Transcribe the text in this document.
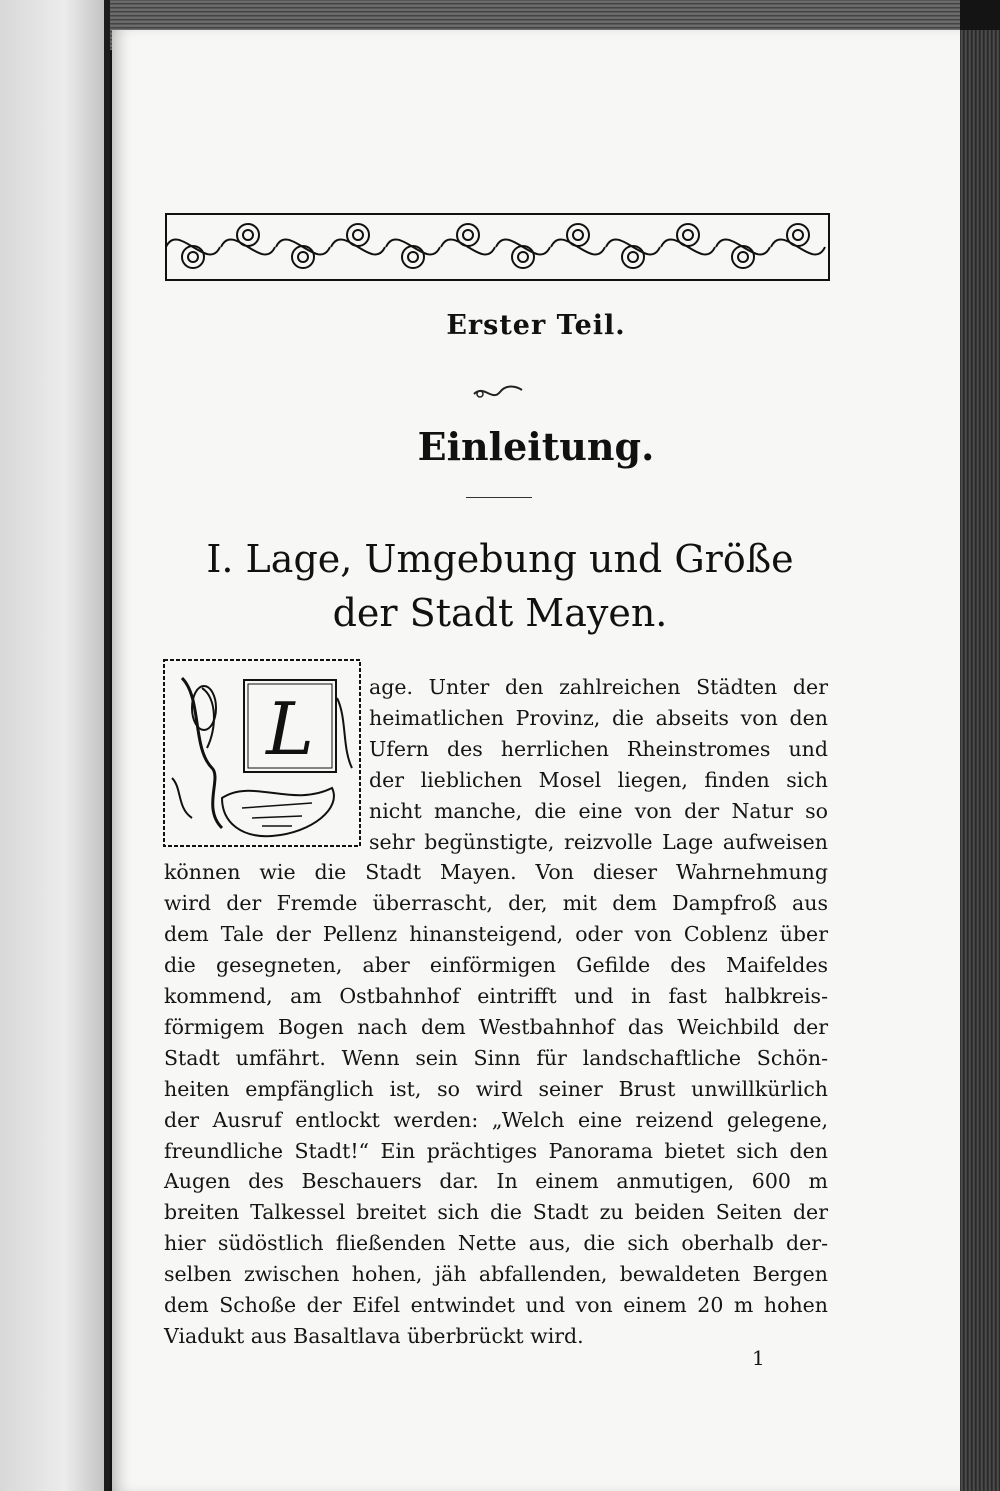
Erster Teil.
Einleitung.
I. Lage, Umgebung und Größe
der Stadt Mayen.
L	age. Unter den zahlreichen Städten der
heimatlichen Provinz, die abseits von den
Ufern des herrlichen Rheinstromes und
der lieblichen Mosel liegen, finden sich
nicht manche, die eine von der Natur so
sehr begünstigte, reizvolle Lage aufweisen
können wie die Stadt Mayen. Von dieser Wahrnehmung
wird der Fremde überrascht, der, mit dem Dampfroß aus
dem Tale der Pellenz hinansteigend, oder von Coblenz über
die gesegneten, aber einförmigen Gefilde des Maifeldes
kommend, am Ostbahnhof eintrifft und in fast halbkreis-
förmigem Bogen nach dem Westbahnhof das Weichbild der
Stadt umfährt. Wenn sein Sinn für landschaftliche Schön-
heiten empfänglich ist, so wird seiner Brust unwillkürlich
der Ausruf entlockt werden: „Welch eine reizend gelegene,
freundliche Stadt!“ Ein prächtiges Panorama bietet sich den
Augen des Beschauers dar. In einem anmutigen, 600 m
breiten Talkessel breitet sich die Stadt zu beiden Seiten der
hier südöstlich fließenden Nette aus, die sich oberhalb der-
selben zwischen hohen, jäh abfallenden, bewaldeten Bergen
dem Schoße der Eifel entwindet und von einem 20 m hohen
Viadukt aus Basaltlava überbrückt wird.
1
